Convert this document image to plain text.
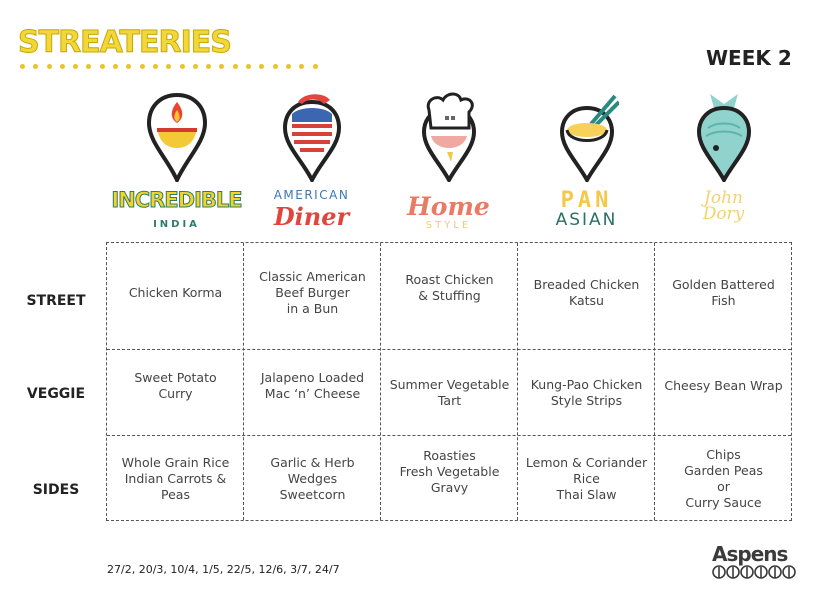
STREATERIES	WEEK 2
INCREDIBLE
INDIA
AMERICAN
Diner	Home
STYLE
PAN
ASIAN
John
Dory
STREET
VEGGIE
SIDES
Chicken Korma
Classic American
Beef Burger
in a Bun
Roast Chicken
& Stuffing
Breaded Chicken
Katsu
Golden Battered
Fish
Sweet Potato
Curry
Jalapeno Loaded
Mac ‘n’ Cheese
Summer Vegetable
Tart
Kung-Pao Chicken
Style Strips
Cheesy Bean Wrap
Whole Grain Rice
Indian Carrots &
Peas
Garlic & Herb
Wedges
Sweetcorn
Roasties
Fresh Vegetable
Gravy
Lemon & Coriander
Rice
Thai Slaw
Chips
Garden Peas
or
Curry Sauce
27/2, 20/3, 10/4, 1/5, 22/5, 12/6, 3/7, 24/7
Aspens
